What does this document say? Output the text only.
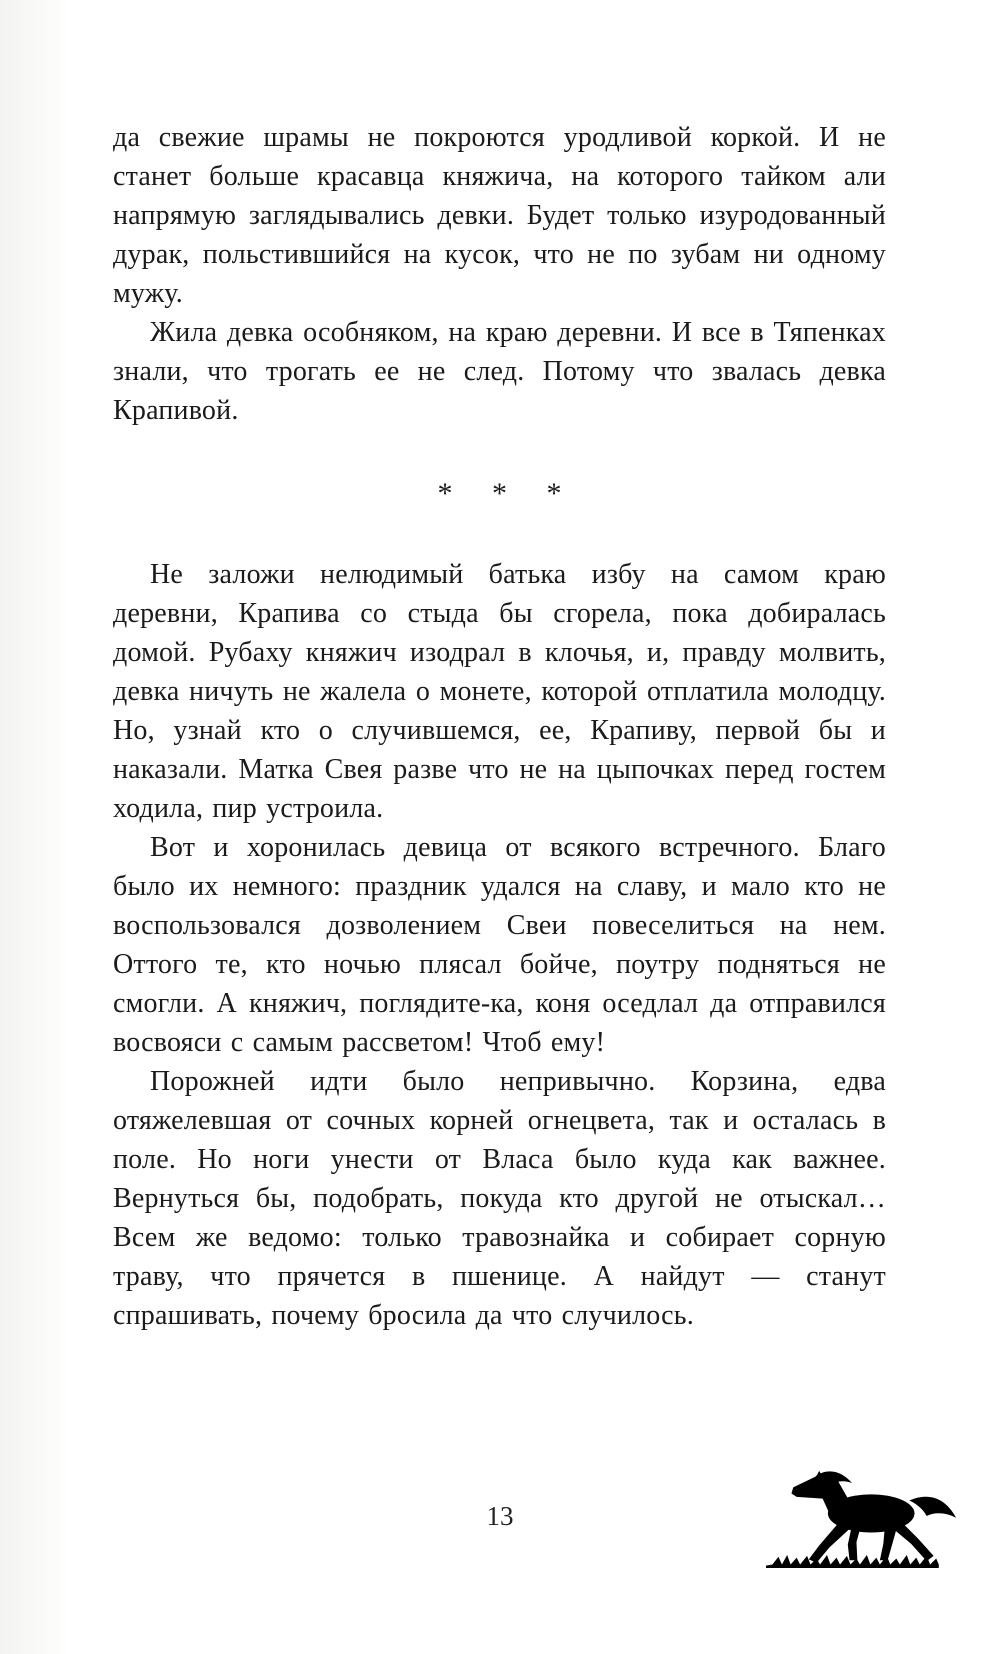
да свежие шрамы не покроются уродливой коркой. И не станет больше красавца княжича, на которого тайком али напрямую заглядывались девки. Будет только изуродованный дурак, польстившийся на кусок, что не по зубам ни одному мужу.

Жила девка особняком, на краю деревни. И все в Тяпенках знали, что трогать ее не след. Потому что звалась девка Крапивой.

* * *

Не заложи нелюдимый батька избу на самом краю деревни, Крапива со стыда бы сгорела, пока добиралась домой. Рубаху княжич изодрал в клочья, и, правду молвить, девка ничуть не жалела о монете, которой отплатила молодцу. Но, узнай кто о случившемся, ее, Крапиву, первой бы и наказали. Матка Свея разве что не на цыпочках перед гостем ходила, пир устроила.

Вот и хоронилась девица от всякого встречного. Благо было их немного: праздник удался на славу, и мало кто не воспользовался дозволением Свеи повеселиться на нем. Оттого те, кто ночью плясал бойче, поутру подняться не смогли. А княжич, поглядите-ка, коня оседлал да отправился восвояси с самым рассветом! Чтоб ему!

Порожней идти было непривычно. Корзина, едва отяжелевшая от сочных корней огнецвета, так и осталась в поле. Но ноги унести от Власа было куда как важнее. Вернуться бы, подобрать, покуда кто другой не отыскал… Всем же ведомо: только травознайка и собирает сорную траву, что прячется в пшенице. А найдут — станут спрашивать, почему бросила да что случилось.

13
